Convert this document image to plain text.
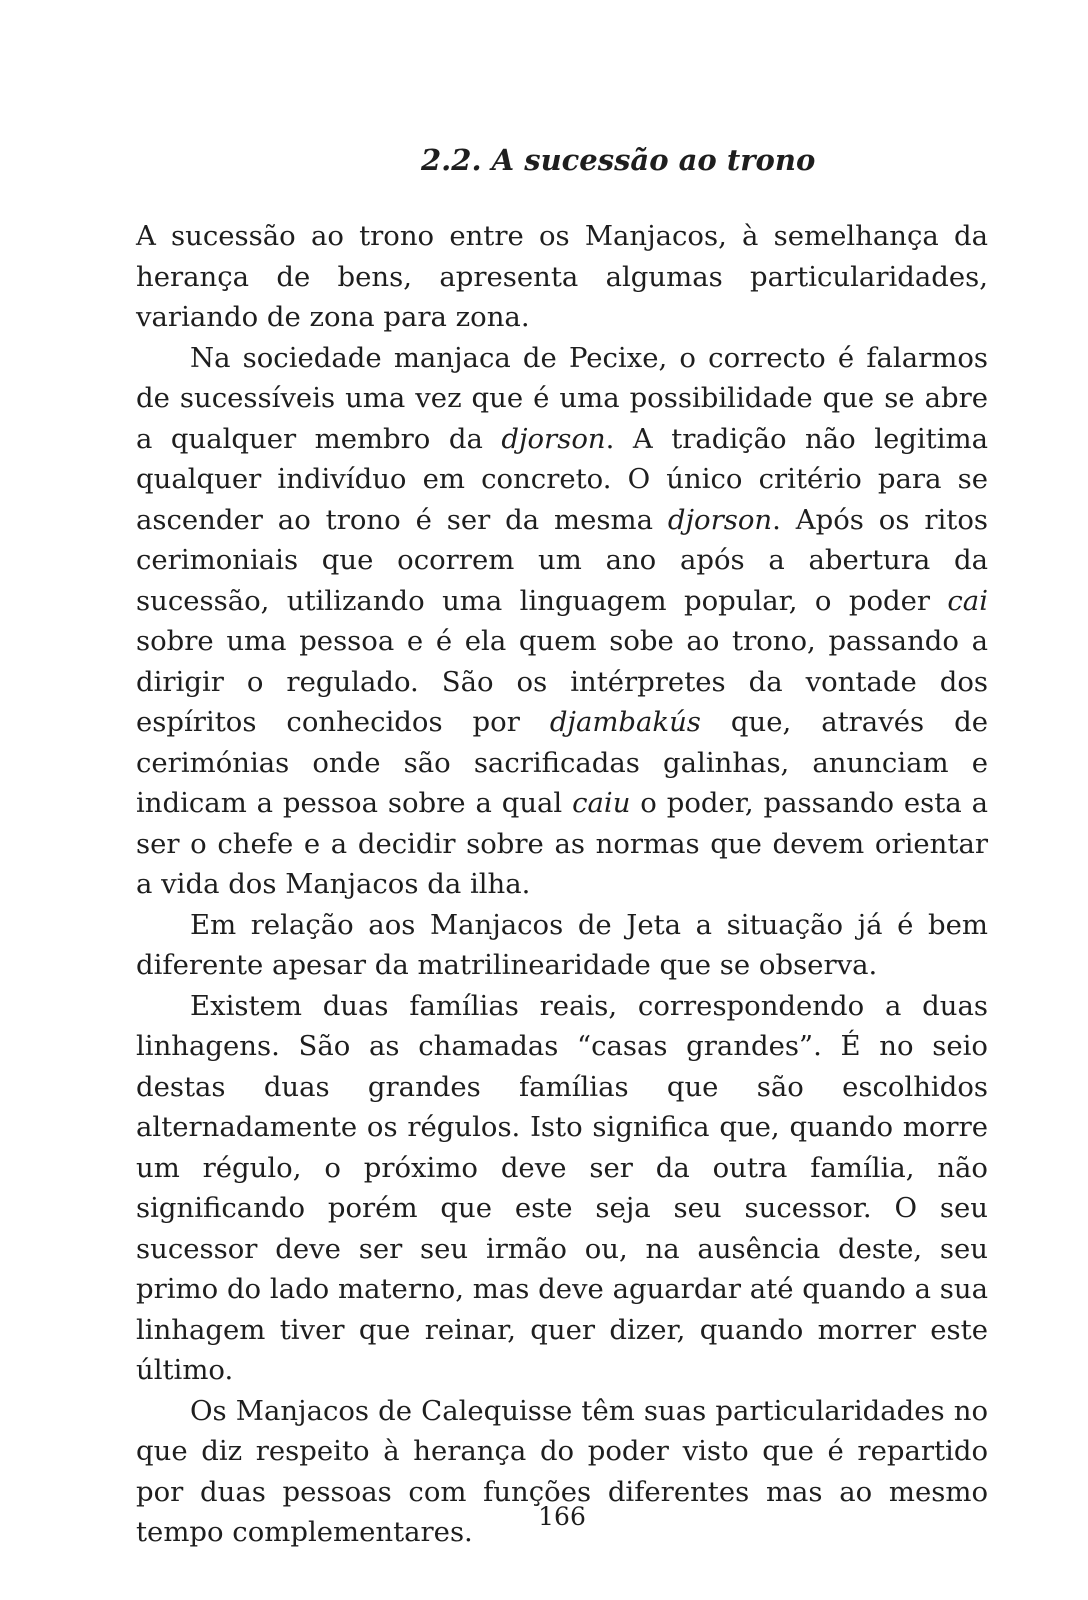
2.2. A sucessão ao trono

A sucessão ao trono entre os Manjacos, à semelhança da herança de bens, apresenta algumas particularidades, variando de zona para zona.

Na sociedade manjaca de Pecixe, o correcto é falarmos de sucessíveis uma vez que é uma possibilidade que se abre a qualquer membro da djorson. A tradição não legitima qualquer indivíduo em concreto. O único critério para se ascender ao trono é ser da mesma djorson. Após os ritos cerimoniais que ocorrem um ano após a abertura da sucessão, utilizando uma linguagem popular, o poder cai sobre uma pessoa e é ela quem sobe ao trono, passando a dirigir o regulado. São os intérpretes da vontade dos espíritos conhecidos por djambakús que, através de cerimónias onde são sacrificadas galinhas, anunciam e indicam a pessoa sobre a qual caiu o poder, passando esta a ser o chefe e a decidir sobre as normas que devem orientar a vida dos Manjacos da ilha.

Em relação aos Manjacos de Jeta a situação já é bem diferente apesar da matrilinearidade que se observa.

Existem duas famílias reais, correspondendo a duas linhagens. São as chamadas “casas grandes”. É no seio destas duas grandes famílias que são escolhidos alternadamente os régulos. Isto significa que, quando morre um régulo, o próximo deve ser da outra família, não significando porém que este seja seu sucessor. O seu sucessor deve ser seu irmão ou, na ausência deste, seu primo do lado materno, mas deve aguardar até quando a sua linhagem tiver que reinar, quer dizer, quando morrer este último.

Os Manjacos de Calequisse têm suas particularidades no que diz respeito à herança do poder visto que é repartido por duas pessoas com funções diferentes mas ao mesmo tempo complementares.	166
